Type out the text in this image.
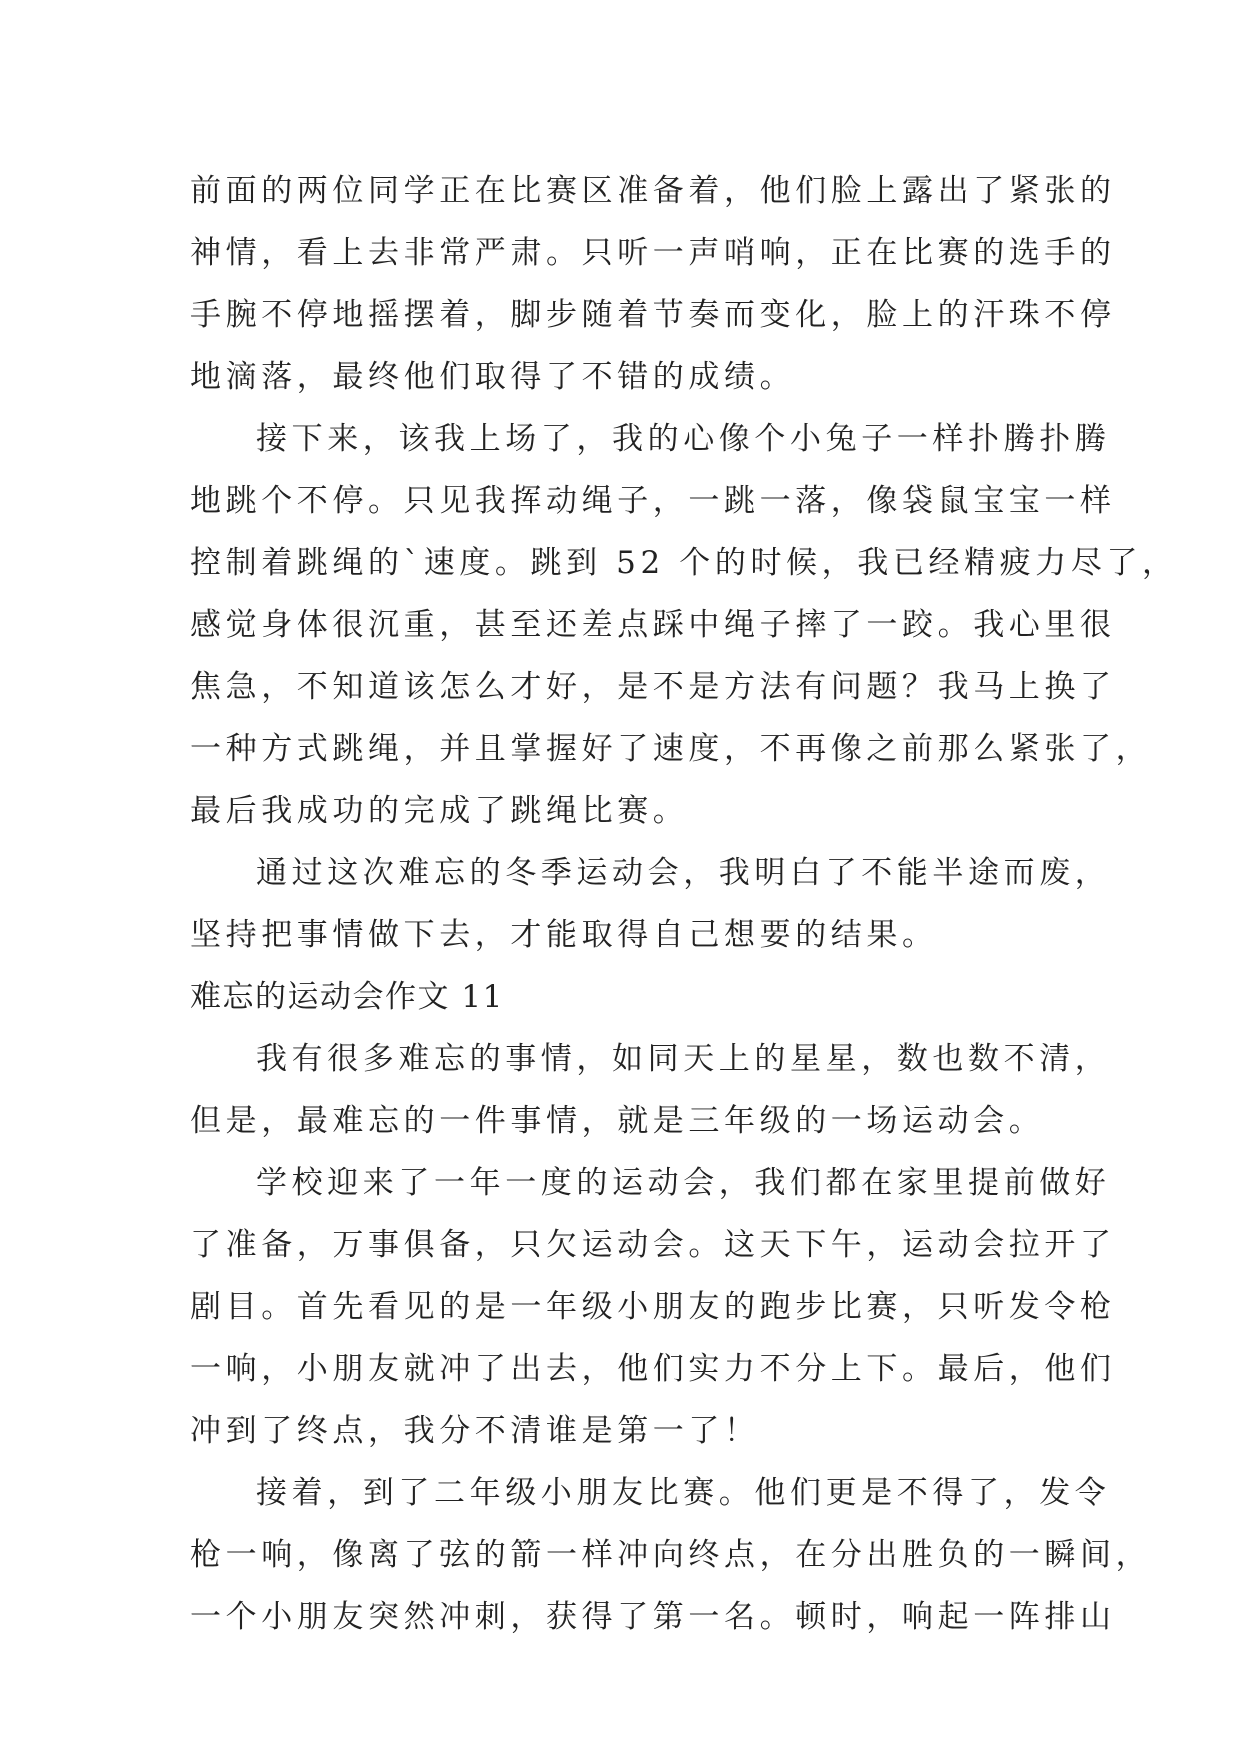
前面的两位同学正在比赛区准备着，他们脸上露出了紧张的
神情，看上去非常严肃。只听一声哨响，正在比赛的选手的
手腕不停地摇摆着，脚步随着节奏而变化，脸上的汗珠不停
地滴落，最终他们取得了不错的成绩。
接下来，该我上场了，我的心像个小兔子一样扑腾扑腾
地跳个不停。只见我挥动绳子，一跳一落，像袋鼠宝宝一样
控制着跳绳的`速度。跳到 52 个的时候，我已经精疲力尽了，
感觉身体很沉重，甚至还差点踩中绳子摔了一跤。我心里很
焦急，不知道该怎么才好，是不是方法有问题？我马上换了
一种方式跳绳，并且掌握好了速度，不再像之前那么紧张了，
最后我成功的完成了跳绳比赛。
通过这次难忘的冬季运动会，我明白了不能半途而废，
坚持把事情做下去，才能取得自己想要的结果。
难忘的运动会作文 11
我有很多难忘的事情，如同天上的星星，数也数不清，
但是，最难忘的一件事情，就是三年级的一场运动会。
学校迎来了一年一度的运动会，我们都在家里提前做好
了准备，万事俱备，只欠运动会。这天下午，运动会拉开了
剧目。首先看见的是一年级小朋友的跑步比赛，只听发令枪
一响，小朋友就冲了出去，他们实力不分上下。最后，他们
冲到了终点，我分不清谁是第一了！
接着，到了二年级小朋友比赛。他们更是不得了，发令
枪一响，像离了弦的箭一样冲向终点，在分出胜负的一瞬间，
一个小朋友突然冲刺，获得了第一名。顿时，响起一阵排山
